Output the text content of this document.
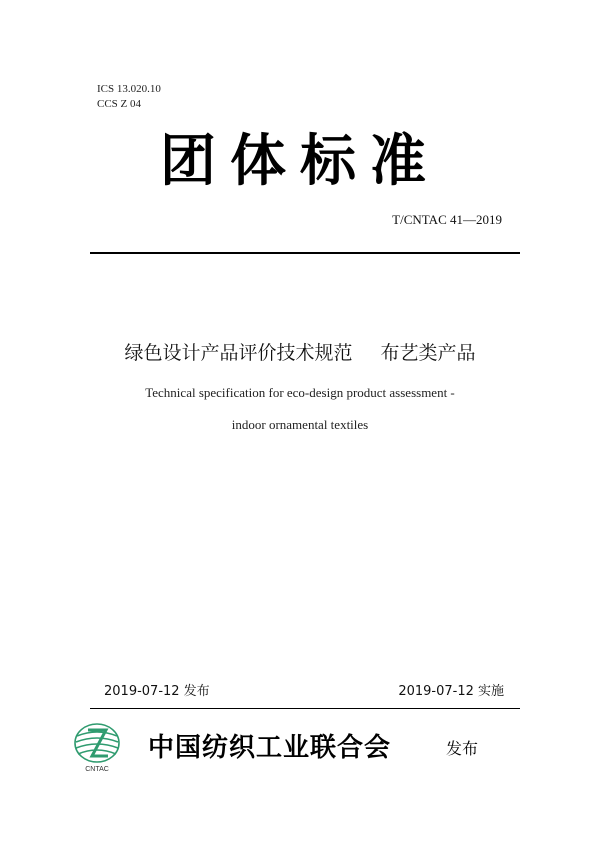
ICS 13.020.10
CCS Z 04
团体标准
T/CNTAC 41—2019
绿色设计产品评价技术规范 布艺类产品
Technical specification for eco-design product assessment -
indoor ornamental textiles
2019-07-12 发布	2019-07-12 实施
CNTAC
中国纺织工业联合会	发布
